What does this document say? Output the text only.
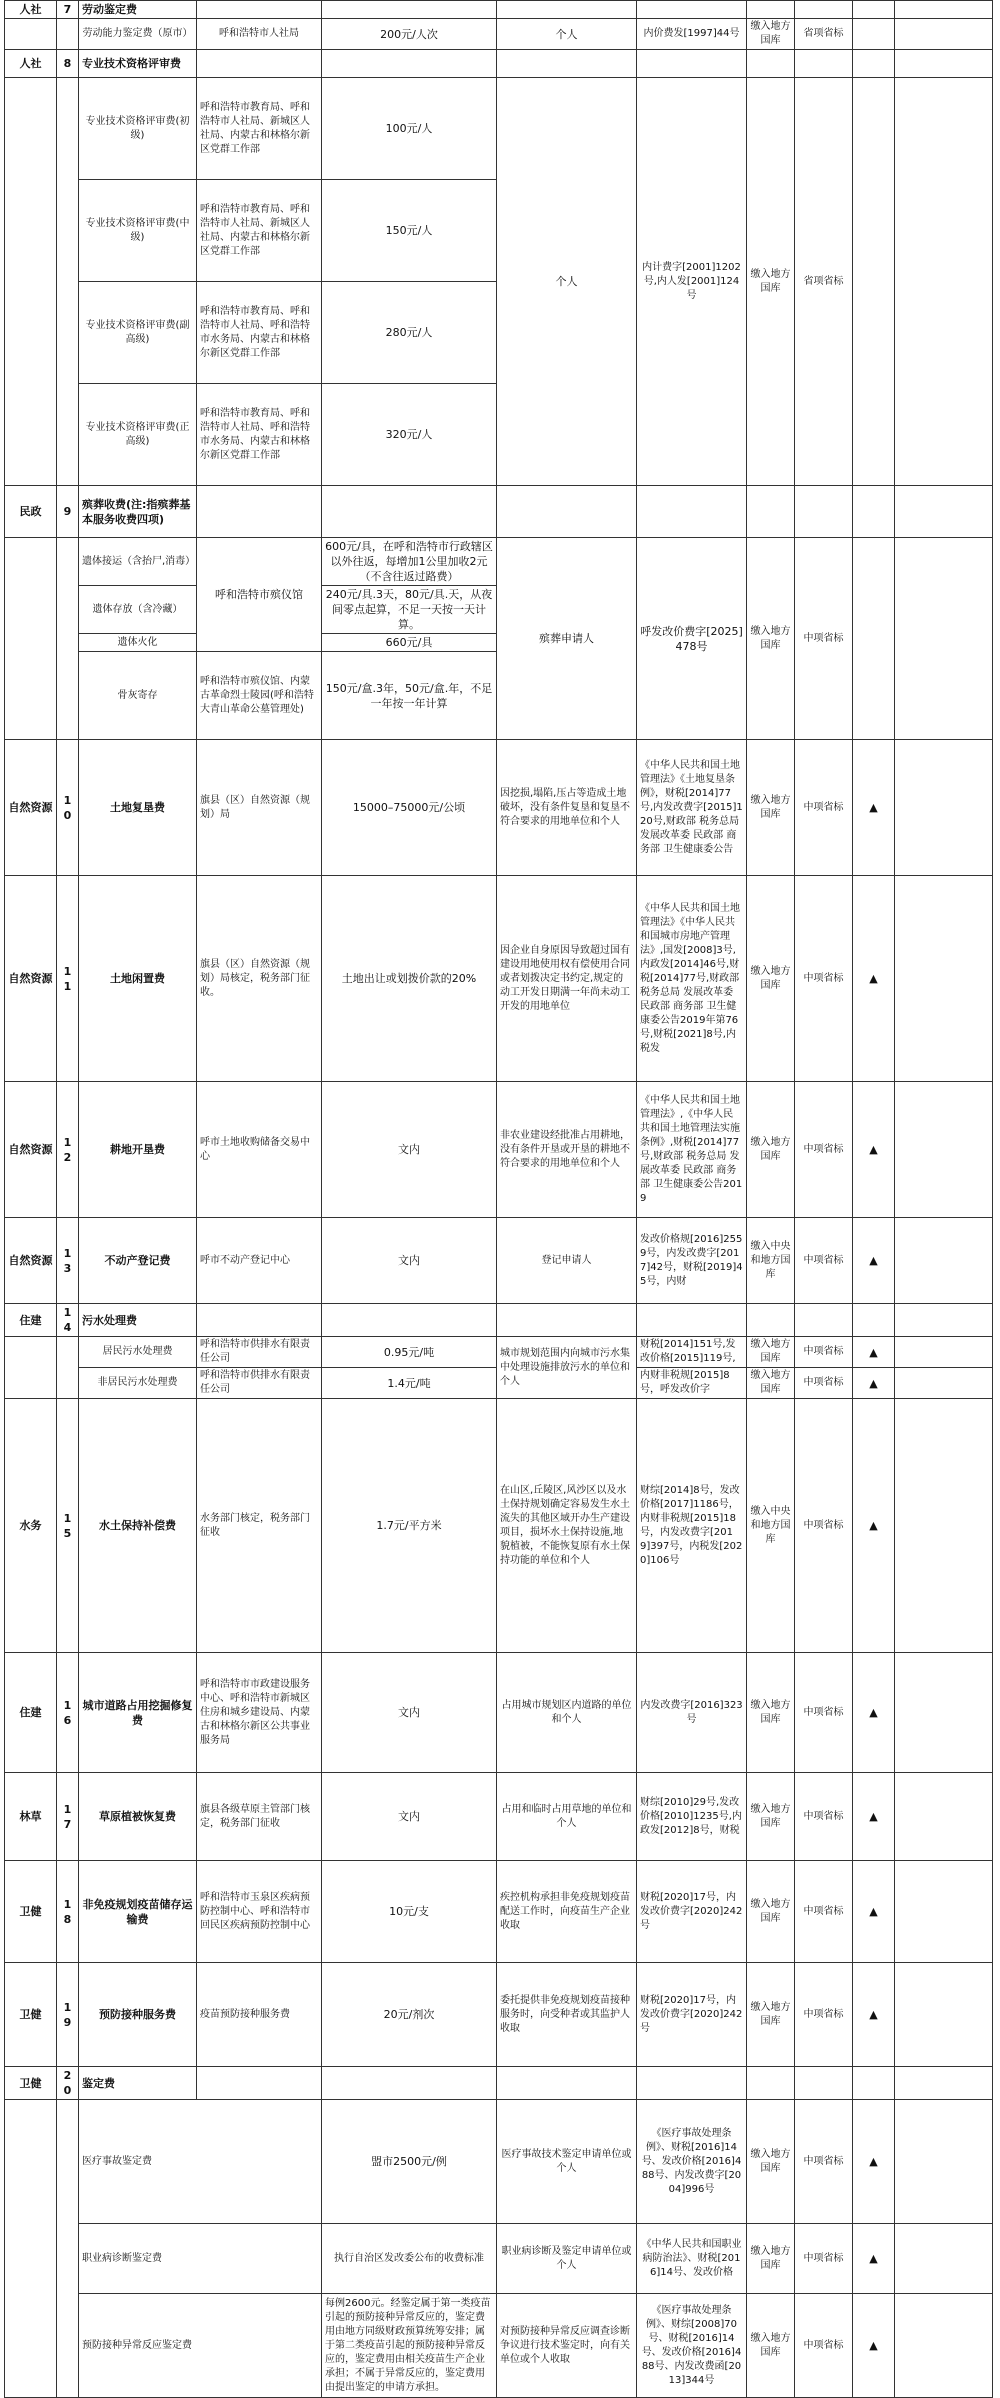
人社	7	劳动鉴定费								
		劳动能力鉴定费（原市）	呼和浩特市人社局	200元/人次	个人	内价费发[1997]44号	缴入地方国库	省项省标		
人社	8	专业技术资格评审费								
		专业技术资格评审费(初级)	呼和浩特市教育局、呼和浩特市人社局、新城区人社局、内蒙古和林格尔新区党群工作部	100元/人	个人	内计费字[2001]1202号,内人发[2001]124号	缴入地方国库	省项省标		
		专业技术资格评审费(中级)	呼和浩特市教育局、呼和浩特市人社局、新城区人社局、内蒙古和林格尔新区党群工作部	150元/人						
		专业技术资格评审费(副高级)	呼和浩特市教育局、呼和浩特市人社局、呼和浩特市水务局、内蒙古和林格尔新区党群工作部	280元/人						
		专业技术资格评审费(正高级)	呼和浩特市教育局、呼和浩特市人社局、呼和浩特市水务局、内蒙古和林格尔新区党群工作部	320元/人						
民政	9	殡葬收费(注:指殡葬基本服务收费四项)								
		遗体接运（含抬尸,消毒）	呼和浩特市殡仪馆	600元/具，在呼和浩特市行政辖区以外往返，每增加1公里加收2元（不含往返过路费）	殡葬申请人	呼发改价费字[2025]478号	缴入地方国库	中项省标		
		遗体存放（含冷藏）		240元/具.3天，80元/具.天，从夜间零点起算，不足一天按一天计算。						
		遗体火化		660元/具						
		骨灰寄存	呼和浩特市殡仪馆、内蒙古革命烈士陵园(呼和浩特大青山革命公墓管理处)	150元/盒.3年，50元/盒.年，不足一年按一年计算						
自然资源	10	土地复垦费	旗县（区）自然资源（规划）局	15000–75000元/公顷	因挖损,塌陷,压占等造成土地破坏，没有条件复垦和复垦不符合要求的用地单位和个人	《中华人民共和国土地管理法》《土地复垦条例》，财税[2014]77号,内发改费字[2015]120号,财政部 税务总局 发展改革委 民政部 商务部 卫生健康委公告	缴入地方国库	中项省标	▲	
自然资源	11	土地闲置费	旗县（区）自然资源（规划）局核定，税务部门征收。	土地出让或划拨价款的20%	因企业自身原因导致超过国有建设用地使用权有偿使用合同或者划拨决定书约定,规定的动工开发日期满一年尚未动工开发的用地单位	《中华人民共和国土地管理法》《中华人民共和国城市房地产管理法》,国发[2008]3号,内政发[2014]46号,财税[2014]77号,财政部 税务总局 发展改革委 民政部 商务部 卫生健康委公告2019年第76号,财税[2021]8号,内税发	缴入地方国库	中项省标	▲	
自然资源	12	耕地开垦费	呼市土地收购储备交易中心	文内	非农业建设经批准占用耕地，没有条件开垦或开垦的耕地不符合要求的用地单位和个人	《中华人民共和国土地管理法》,《中华人民共和国土地管理法实施条例》,财税[2014]77号,财政部 税务总局 发展改革委 民政部 商务部 卫生健康委公告2019	缴入地方国库	中项省标	▲	
自然资源	13	不动产登记费	呼市不动产登记中心	文内	登记申请人	发改价格规[2016]2559号，内发改费字[2017]42号，财税[2019]45号，内财	缴入中央和地方国库	中项省标	▲	
住建	14	污水处理费								
		居民污水处理费	呼和浩特市供排水有限责任公司	0.95元/吨	城市规划范围内向城市污水集中处理设施排放污水的单位和个人	财税[2014]151号,发改价格[2015]119号,	缴入地方国库	中项省标	▲	
		非居民污水处理费	呼和浩特市供排水有限责任公司	1.4元/吨		内财非税规[2015]8号，呼发改价字	缴入地方国库	中项省标	▲	
水务	15	水土保持补偿费	水务部门核定，税务部门征收	1.7元/平方米	在山区,丘陵区,风沙区以及水土保持规划确定容易发生水土流失的其他区域开办生产建设项目，损坏水土保持设施,地貌植被，不能恢复原有水土保持功能的单位和个人	财综[2014]8号，发改价格[2017]1186号，内财非税规[2015]18号，内发改费字[2019]397号，内税发[2020]106号	缴入中央和地方国库	中项省标	▲	
住建	16	城市道路占用挖掘修复费	呼和浩特市市政建设服务中心、呼和浩特市新城区住房和城乡建设局、内蒙古和林格尔新区公共事业服务局	文内	占用城市规划区内道路的单位和个人	内发改费字[2016]323号	缴入地方国库	中项省标	▲	
林草	17	草原植被恢复费	旗县各级草原主管部门核定，税务部门征收	文内	占用和临时占用草地的单位和个人	财综[2010]29号,发改价格[2010]1235号,内政发[2012]8号，财税	缴入地方国库	中项省标	▲	
卫健	18	非免疫规划疫苗储存运输费	呼和浩特市玉泉区疾病预防控制中心、呼和浩特市回民区疾病预防控制中心	10元/支	疾控机构承担非免疫规划疫苗配送工作时，向疫苗生产企业收取	财税[2020]17号，内发改价费字[2020]242号	缴入地方国库	中项省标	▲	
卫健	19	预防接种服务费	疫苗预防接种服务费	20元/剂次	委托提供非免疫规划疫苗接种服务时，向受种者或其监护人收取	财税[2020]17号，内发改价费字[2020]242号	缴入地方国库	中项省标	▲	
卫健	20	鉴定费								
		医疗事故鉴定费		盟市2500元/例	医疗事故技术鉴定申请单位或个人	《医疗事故处理条例》、财税[2016]14号、发改价格[2016]488号、内发改费字[2004]996号	缴入地方国库	中项省标	▲	
		职业病诊断鉴定费		执行自治区发改委公布的收费标准	职业病诊断及鉴定申请单位或个人	《中华人民共和国职业病防治法》、财税[2016]14号、发改价格	缴入地方国库	中项省标	▲	
		预防接种异常反应鉴定费		每例2600元。经鉴定属于第一类疫苗引起的预防接种异常反应的，鉴定费用由地方同级财政预算统筹安排；属于第二类疫苗引起的预防接种异常反应的，鉴定费用由相关疫苗生产企业承担；不属于异常反应的，鉴定费用由提出鉴定的申请方承担。	对预防接种异常反应调查诊断争议进行技术鉴定时，向有关单位或个人收取	《医疗事故处理条例》、财综[2008]70号、财税[2016]14号、发改价格[2016]488号、内发改费函[2013]344号	缴入地方国库	中项省标	▲	
